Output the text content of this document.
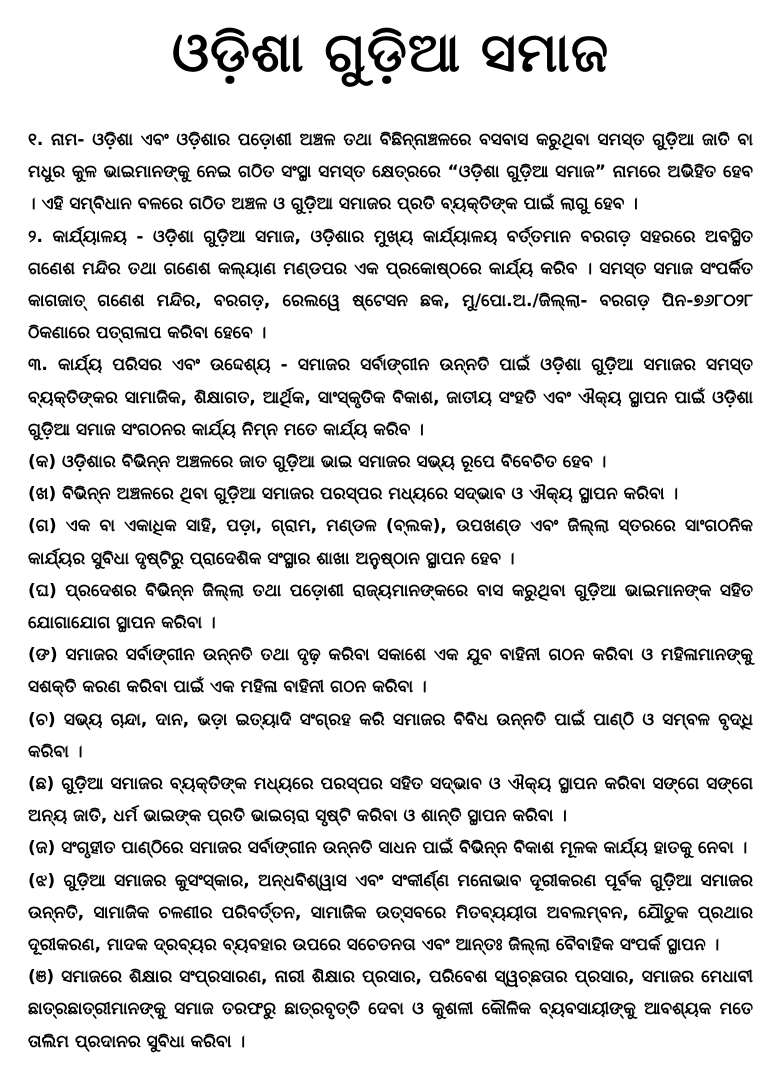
ଓଡ଼ିଶା ଗୁଡ଼ିଆ ସମାଜ

୧. ନାମ- ଓଡ଼ିଶା ଏବଂ ଓଡ଼ିଶାର ପଡ଼ୋଶୀ ଅଞ୍ଚଳ ତଥା ବିଛିନ୍ନାଞ୍ଚଳରେ ବସବାସ କରୁଥିବା ସମସ୍ତ ଗୁଡ଼ିଆ ଜାତି ବା ମଧୁର କୁଳ ଭାଇମାନଙ୍କୁ ନେଇ ଗଠିତ ସଂସ୍ଥା ସମସ୍ତ କ୍ଷେତ୍ରରେ “ଓଡ଼ିଶା ଗୁଡ଼ିଆ ସମାଜ” ନାମରେ ଅଭିହିତ ହେବ । ଏହି ସମ୍ବିଧାନ ବଳରେ ଗଠିତ ଅଞ୍ଚଳ ଓ ଗୁଡ଼ିଆ ସମାଜର ପ୍ରତି ବ୍ୟକ୍ତିଙ୍କ ପାଇଁ ଲାଗୁ ହେବ ।

୨. କାର୍ଯ୍ୟାଳୟ - ଓଡ଼ିଶା ଗୁଡ଼ିଆ ସମାଜ, ଓଡ଼ିଶାର ମୁଖ୍ୟ କାର୍ଯ୍ୟାଳୟ ବର୍ତ୍ତମାନ ବରଗଡ଼ ସହରରେ ଅବସ୍ଥିତ ଗଣେଶ ମନ୍ଦିର ତଥା ଗଣେଶ କଲ୍ୟାଣ ମଣ୍ଡପର ଏକ ପ୍ରକୋଷ୍ଠରେ କାର୍ଯ୍ୟ କରିବ । ସମସ୍ତ ସମାଜ ସଂପର୍କିତ କାଗଜାତ୍ ଗଣେଶ ମନ୍ଦିର, ବରଗଡ଼, ରେଲୱେ ଷ୍ଟେସନ ଛକ, ମୁ/ପୋ.ଅ./ଜିଲ୍ଲା- ବରଗଡ଼ ପିନ-୭୬୮୦୨୮ ଠିକଣାରେ ପତ୍ରାଳାପ କରିବା ହେବେ ।

୩. କାର୍ଯ୍ୟ ପରିସର ଏବଂ ଉଦ୍ଦେଶ୍ୟ - ସମାଜର ସର୍ବାଙ୍ଗୀନ ଉନ୍ନତି ପାଇଁ ଓଡ଼ିଶା ଗୁଡ଼ିଆ ସମାଜର ସମସ୍ତ ବ୍ୟକ୍ତିଙ୍କର ସାମାଜିକ, ଶିକ୍ଷାଗତ, ଆର୍ଥିକ, ସାଂସ୍କୃତିକ ବିକାଶ, ଜାତୀୟ ସଂହତି ଏବଂ ଐକ୍ୟ ସ୍ଥାପନ ପାଇଁ ଓଡ଼ିଶା ଗୁଡ଼ିଆ ସମାଜ ସଂଗଠନର କାର୍ଯ୍ୟ ନିମ୍ନ ମତେ କାର୍ଯ୍ୟ କରିବ ।

(କ) ଓଡ଼ିଶାର ବିଭିନ୍ନ ଅଞ୍ଚଳରେ ଜାତ ଗୁଡ଼ିଆ ଭାଇ ସମାଜର ସଭ୍ୟ ରୂପେ ବିବେଚିତ ହେବ ।

(ଖ) ବିଭିନ୍ନ ଅଞ୍ଚଳରେ ଥିବା ଗୁଡ଼ିଆ ସମାଜର ପରସ୍ପର ମଧ୍ୟରେ ସଦ୍ଭାବ ଓ ଐକ୍ୟ ସ୍ଥାପନ କରିବା ।

(ଗ) ଏକ ବା ଏକାଧିକ ସାହି, ପଡ଼ା, ଗ୍ରାମ, ମଣ୍ଡଳ (ବ୍ଲକ), ଉପଖଣ୍ଡ ଏବଂ ଜିଲ୍ଲା ସ୍ତରରେ ସାଂଗଠନିକ କାର୍ଯ୍ୟର ସୁବିଧା ଦୃଷ୍ଟିରୁ ପ୍ରାଦେଶିକ ସଂସ୍ଥାର ଶାଖା ଅନୁଷ୍ଠାନ ସ୍ଥାପନ ହେବ ।

(ଘ) ପ୍ରଦେଶର ବିଭିନ୍ନ ଜିଲ୍ଲା ତଥା ପଡ଼ୋଶୀ ରାଜ୍ୟମାନଙ୍କରେ ବାସ କରୁଥିବା ଗୁଡ଼ିଆ ଭାଇମାନଙ୍କ ସହିତ ଯୋଗାଯୋଗ ସ୍ଥାପନ କରିବା ।

(ଙ) ସମାଜର ସର୍ବାଙ୍ଗୀନ ଉନ୍ନତି ତଥା ଦୃଢ଼ କରିବା ସକାଶେ ଏକ ଯୁବ ବାହିନୀ ଗଠନ କରିବା ଓ ମହିଳାମାନଙ୍କୁ ସଶକ୍ତି କରଣ କରିବା ପାଇଁ ଏକ ମହିଳା ବାହିନୀ ଗଠନ କରିବା ।

(ଚ) ସଭ୍ୟ ଚାନ୍ଦା, ଦାନ, ଭଡ଼ା ଇତ୍ୟାଦି ସଂଗ୍ରହ କରି ସମାଜର ବିବିଧ ଉନ୍ନତି ପାଇଁ ପାଣ୍ଠି ଓ ସମ୍ବଳ ବୃଦ୍ଧି କରିବା ।

(ଛ) ଗୁଡ଼ିଆ ସମାଜର ବ୍ୟକ୍ତିଙ୍କ ମଧ୍ୟରେ ପରସ୍ପର ସହିତ ସଦ୍ଭାବ ଓ ଐକ୍ୟ ସ୍ଥାପନ କରିବା ସଙ୍ଗେ ସଙ୍ଗେ ଅନ୍ୟ ଜାତି, ଧର୍ମ ଭାଇଙ୍କ ପ୍ରତି ଭାଇଚାରା ସୃଷ୍ଟି କରିବା ଓ ଶାନ୍ତି ସ୍ଥାପନ କରିବା ।

(ଜ) ସଂଗୃହୀତ ପାଣ୍ଠିରେ ସମାଜର ସର୍ବାଙ୍ଗୀନ ଉନ୍ନତି ସାଧନ ପାଇଁ ବିଭିନ୍ନ ବିକାଶ ମୂଳକ କାର୍ଯ୍ୟ ହାତକୁ ନେବା ।

(ଝ) ଗୁଡ଼ିଆ ସମାଜର କୁସଂସ୍କାର, ଅନ୍ଧବିଶ୍ୱାସ ଏବଂ ସଂକୀର୍ଣ୍ଣ ମନୋଭାବ ଦୂରୀକରଣ ପୂର୍ବକ ଗୁଡ଼ିଆ ସମାଜର ଉନ୍ନତି, ସାମାଜିକ ଚଳଣୀର ପରିବର୍ତ୍ତନ, ସାମାଜିକ ଉତ୍ସବରେ ମିତବ୍ୟୟୀତା ଅବଲମ୍ବନ, ଯୌତୁକ ପ୍ରଥାର ଦୂରୀକରଣ, ମାଦକ ଦ୍ରବ୍ୟର ବ୍ୟବହାର ଉପରେ ସଚେତନତା ଏବଂ ଆନ୍ତଃ ଜିଲ୍ଲା ବୈବାହିକ ସଂପର୍କ ସ୍ଥାପନ ।

(ଞ) ସମାଜରେ ଶିକ୍ଷାର ସଂପ୍ରସାରଣ, ନାରୀ ଶିକ୍ଷାର ପ୍ରସାର, ପରିବେଶ ସ୍ୱଚ୍ଛତାର ପ୍ରସାର, ସମାଜର ମେଧାବୀ ଛାତ୍ରଛାତ୍ରୀମାନଙ୍କୁ ସମାଜ ତରଫରୁ ଛାତ୍ରବୃତ୍ତି ଦେବା ଓ କୁଶଳୀ କୌଳିକ ବ୍ୟବସାୟୀଙ୍କୁ ଆବଶ୍ୟକ ମତେ ତାଲିମ ପ୍ରଦାନର ସୁବିଧା କରିବା ।
